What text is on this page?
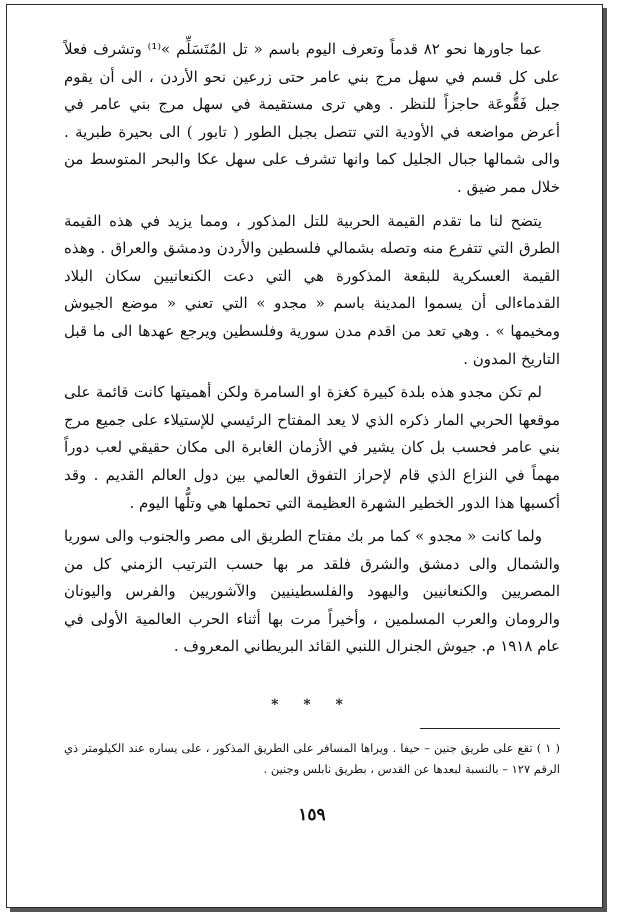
عما جاورها نحو ٨٢ قدماً وتعرف اليوم باسم « تل المُتَسَلِّم »⁽¹⁾ وتشرف فعلاً على كل قسم في سهل مرج بني عامر حتى زرعين نحو الأردن ، الى أن يقوم جبل فَقُّوعَة حاجزاً للنظر . وهي ترى مستقيمة في سهل مرج بني عامر في أعرض مواضعه في الأودية التي تتصل بجبل الطور ( تابور ) الى بحيرة طبرية . والى شمالها جبال الجليل كما وانها تشرف على سهل عكا والبحر المتوسط من خلال ممر ضيق .

يتضح لنا ما تقدم القيمة الحربية للتل المذكور ، ومما يزيد في هذه القيمة الطرق التي تتفرع منه وتصله بشمالي فلسطين والأردن ودمشق والعراق . وهذه القيمة العسكرية للبقعة المذكورة هي التي دعت الكنعانيين سكان البلاد القدماءالى أن يسموا المدينة باسم « مجدو » التي تعني « موضع الجيوش ومخيمها » . وهي تعد من اقدم مدن سورية وفلسطين ويرجع عهدها الى ما قبل التاريخ المدون .

لم تكن مجدو هذه بلدة كبيرة كغزة او السامرة ولكن أهميتها كانت قائمة على موقعها الحربي المار ذكره الذي لا يعد المفتاح الرئيسي للإستيلاء على جميع مرج بني عامر فحسب بل كان يشير في الأزمان الغابرة الى مكان حقيقي لعب دوراً مهماً في النزاع الذي قام لإحراز التفوق العالمي بين دول العالم القديم . وقد أكسبها هذا الدور الخطير الشهرة العظيمة التي تحملها هي وتلُّها اليوم .

ولما كانت « مجدو » كما مر بك مفتاح الطريق الى مصر والجنوب والى سوريا والشمال والى دمشق والشرق فلقد مر بها حسب الترتيب الزمني كل من المصريين والكنعانيين واليهود والفلسطينيين والآشوريين والفرس واليونان والرومان والعرب المسلمين ، وأخيراً مرت بها أثناء الحرب العالمية الأولى في عام ١٩١٨ م. جيوش الجنرال اللنبي القائد البريطاني المعروف .

* * *

( ١ ) تقع على طريق جنين – حيفا . ويراها المسافر على الطريق المذكور ، على يساره عند الكيلومتر ذي الرقم ١٢٧ – بالنسبة لبعدها عن القدس ، بطريق نابلس وجنين .

١٥٩
